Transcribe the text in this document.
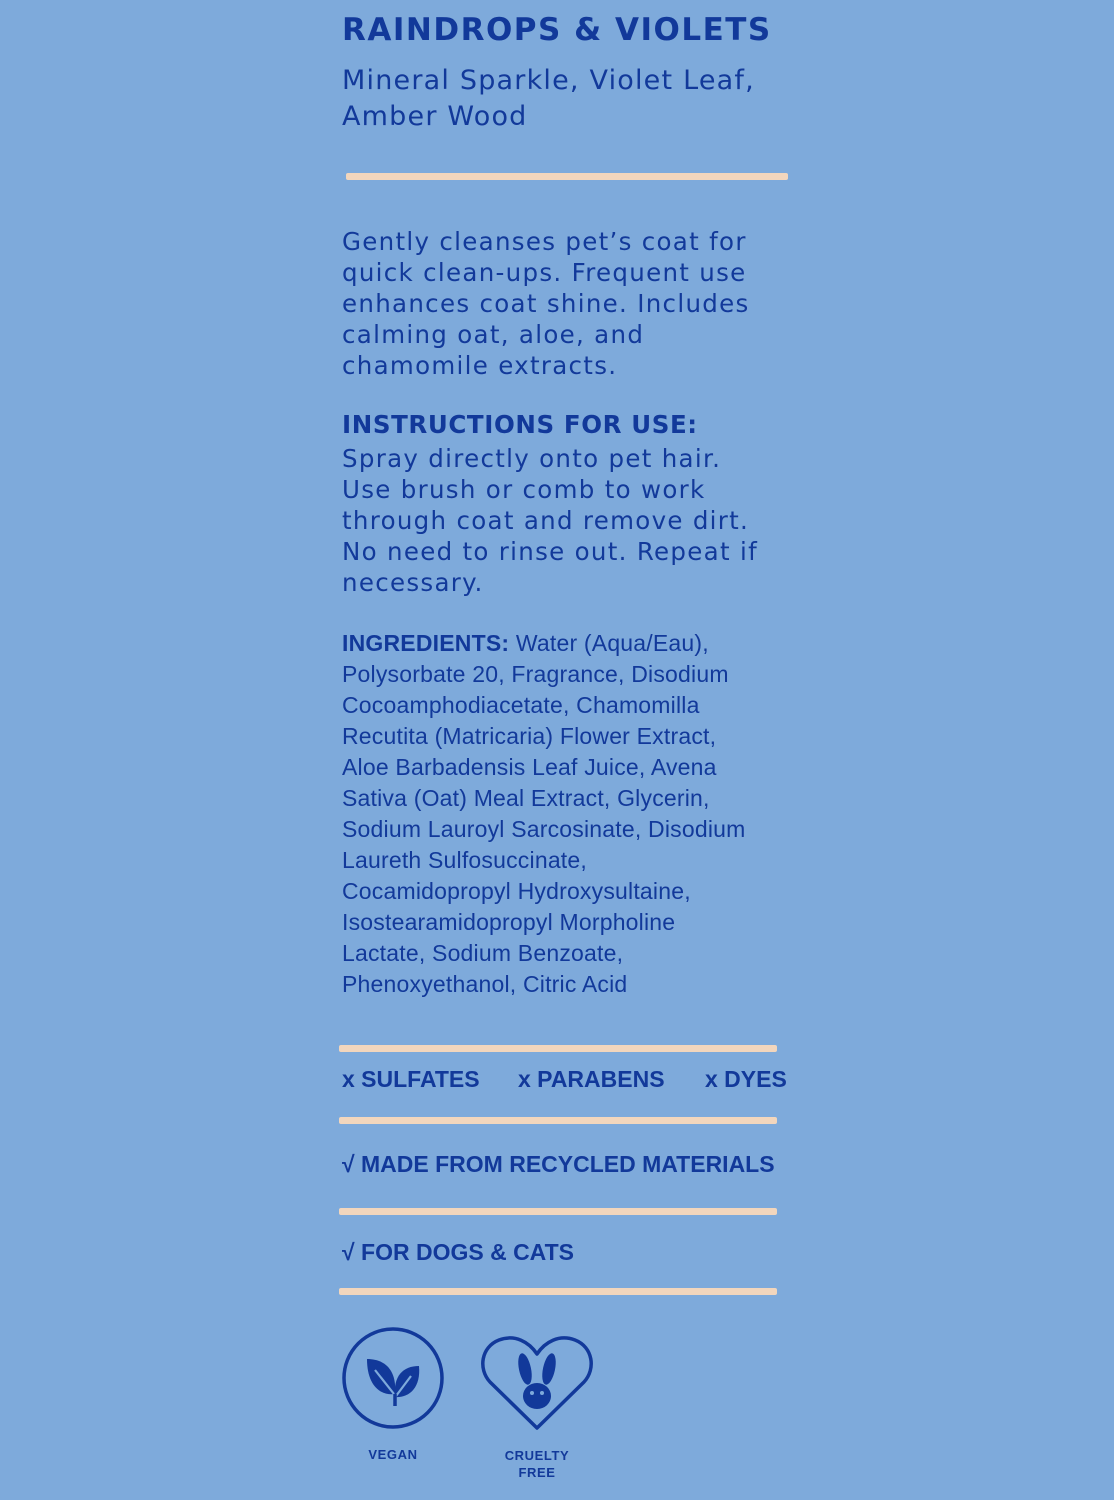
RAINDROPS & VIOLETS
Mineral Sparkle, Violet Leaf,
Amber Wood
Gently cleanses pet’s coat for
quick clean-ups. Frequent use
enhances coat shine. Includes
calming oat, aloe, and
chamomile extracts.
INSTRUCTIONS FOR USE:
Spray directly onto pet hair.
Use brush or comb to work
through coat and remove dirt.
No need to rinse out. Repeat if
necessary.
INGREDIENTS: Water (Aqua/Eau),
Polysorbate 20, Fragrance, Disodium
Cocoamphodiacetate, Chamomilla
Recutita (Matricaria) Flower Extract,
Aloe Barbadensis Leaf Juice, Avena
Sativa (Oat) Meal Extract, Glycerin,
Sodium Lauroyl Sarcosinate, Disodium
Laureth Sulfosuccinate,
Cocamidopropyl Hydroxysultaine,
Isostearamidopropyl Morpholine
Lactate, Sodium Benzoate,
Phenoxyethanol, Citric Acid
x SULFATES x PARABENS x DYES
√ MADE FROM RECYCLED MATERIALS
√ FOR DOGS & CATS
VEGAN	CRUELTY
FREE
